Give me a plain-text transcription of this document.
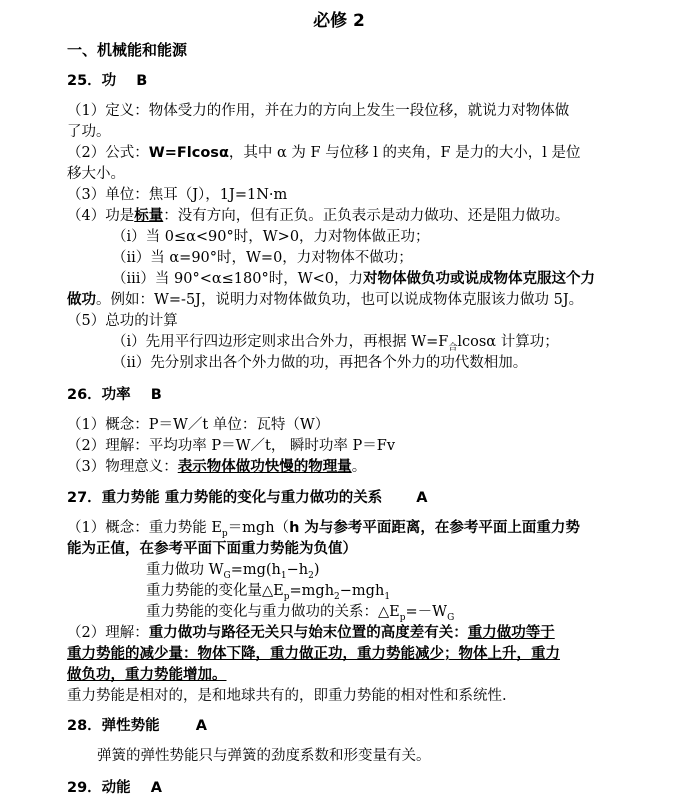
必修 2
一、机械能和能源
25．功 B
（1）定义：物体受力的作用，并在力的方向上发生一段位移，就说力对物体做
了功。
（2）公式：W=Flcosα，其中 α 为 F 与位移 l 的夹角，F 是力的大小，l 是位
移大小。
（3）单位：焦耳（J），1J=1N·m
（4）功是标量：没有方向，但有正负。正负表示是动力做功、还是阻力做功。
（ⅰ）当 0≤α<90°时，W>0，力对物体做正功；
（ⅱ）当 α=90°时，W=0，力对物体不做功；
（ⅲ）当 90°<α≤180°时，W<0，力对物体做负功或说成物体克服这个力
做功。例如：W=-5J，说明力对物体做负功，也可以说成物体克服该力做功 5J。
（5）总功的计算
（ⅰ）先用平行四边形定则求出合外力，再根据 $W=F_合lcos\alpha$ 计算功；
（ⅱ）先分别求出各个外力做的功，再把各个外力的功代数相加。
26．功率 B
（1）概念：P＝W／t 单位：瓦特（W）
（2）理解：平均功率 P＝W／t， 瞬时功率 P＝Fv
（3）物理意义：表示物体做功快慢的物理量。
27．重力势能 重力势能的变化与重力做功的关系 A
（1）概念：重力势能 $E_p=mgh(h$ 为与参考平面距离，在参考平面上面重力势
能为正值，在参考平面下面重力势能为负值）
重力做功 $W_G=mg(h_1-h_2)$
重力势能的变化量$\triangle E_p=mgh_2-mgh_1$
重力势能的变化与重力做功的关系：$\triangle E_p=-W_G$
（2）理解：重力做功与路径无关只与始末位置的高度差有关：重力做功等于
重力势能的减少量：物体下降，重力做正功，重力势能减少；物体上升，重力
做负功，重力势能增加。
重力势能是相对的，是和地球共有的，即重力势能的相对性和系统性.
28．弹性势能 A
弹簧的弹性势能只与弹簧的劲度系数和形变量有关。
29．动能 A
